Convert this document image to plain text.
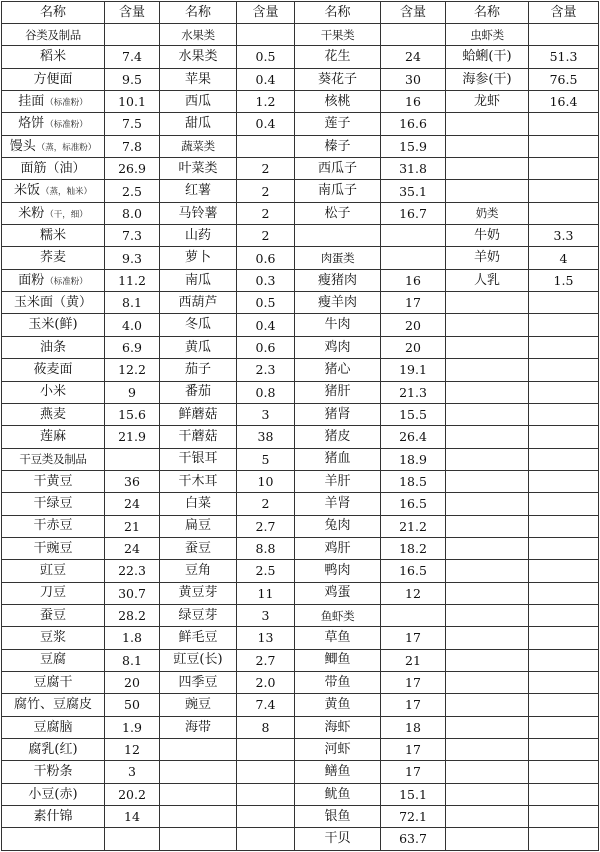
名称	含量	名称	含量	名称	含量	名称	含量
谷类及制品		水果类		干果类		虫虾类	
稻米	7.4	水果类	0.5	花生	24	蛤蜊(干)	51.3
方便面	9.5	苹果	0.4	葵花子	30	海参(干)	76.5
挂面（标准粉）	10.1	西瓜	1.2	核桃	16	龙虾	16.4
烙饼（标准粉）	7.5	甜瓜	0.4	莲子	16.6		
馒头（蒸，标准粉）	7.8	蔬菜类		榛子	15.9		
面筋（油）	26.9	叶菜类	2	西瓜子	31.8		
米饭（蒸，籼米）	2.5	红薯	2	南瓜子	35.1		
米粉（干，细）	8.0	马铃薯	2	松子	16.7	奶类	
糯米	7.3	山药	2			牛奶	3.3
荞麦	9.3	萝卜	0.6	肉蛋类		羊奶	4
面粉（标准粉）	11.2	南瓜	0.3	瘦猪肉	16	人乳	1.5
玉米面（黄）	8.1	西葫芦	0.5	瘦羊肉	17		
玉米(鲜)	4.0	冬瓜	0.4	牛肉	20		
油条	6.9	黄瓜	0.6	鸡肉	20		
莜麦面	12.2	茄子	2.3	猪心	19.1		
小米	9	番茄	0.8	猪肝	21.3		
燕麦	15.6	鲜蘑菇	3	猪肾	15.5		
莲麻	21.9	干蘑菇	38	猪皮	26.4		
干豆类及制品		干银耳	5	猪血	18.9		
干黄豆	36	干木耳	10	羊肝	18.5		
干绿豆	24	白菜	2	羊肾	16.5		
干赤豆	21	扁豆	2.7	兔肉	21.2		
干豌豆	24	蚕豆	8.8	鸡肝	18.2		
豇豆	22.3	豆角	2.5	鸭肉	16.5		
刀豆	30.7	黄豆芽	11	鸡蛋	12		
蚕豆	28.2	绿豆芽	3	鱼虾类			
豆浆	1.8	鲜毛豆	13	草鱼	17		
豆腐	8.1	豇豆(长)	2.7	鲫鱼	21		
豆腐干	20	四季豆	2.0	带鱼	17		
腐竹、豆腐皮	50	豌豆	7.4	黄鱼	17		
豆腐脑	1.9	海带	8	海虾	18		
腐乳(红)	12			河虾	17		
干粉条	3			鳝鱼	17		
小豆(赤)	20.2			鱿鱼	15.1		
素什锦	14			银鱼	72.1		
				干贝	63.7		
